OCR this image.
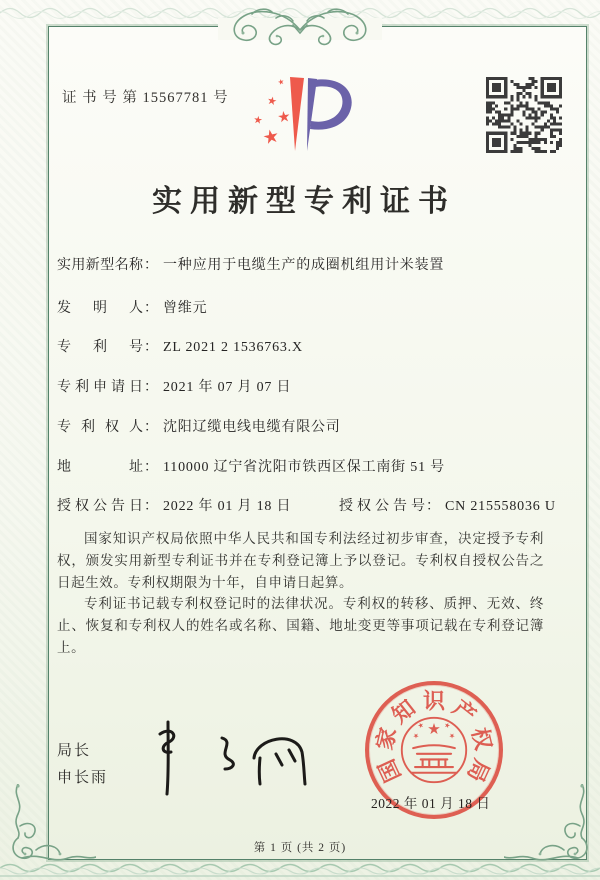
证 书 号 第 15567781 号
实用新型专利证书
实用新型名称： 一种应用于电缆生产的成圈机组用计米装置
发明人： 曾维元
专利号： ZL 2021 2 1536763.X
专利申请日： 2021 年 07 月 07 日
专利权人： 沈阳辽缆电线电缆有限公司
地址： 110000 辽宁省沈阳市铁西区保工南街 51 号
授权公告日： 2022 年 01 月 18 日	授权公告号： CN 215558036 U

国家知识产权局依照中华人民共和国专利法经过初步审查，决定授予专利权，颁发实用新型专利证书并在专利登记簿上予以登记。专利权自授权公告之日起生效。专利权期限为十年，自申请日起算。

专利证书记载专利权登记时的法律状况。专利权的转移、质押、无效、终止、恢复和专利权人的姓名或名称、国籍、地址变更等事项记载在专利登记簿上。

局长
申长雨	国
家
知 识 产
权
局
2022 年 01 月 18 日
第 1 页 (共 2 页)
